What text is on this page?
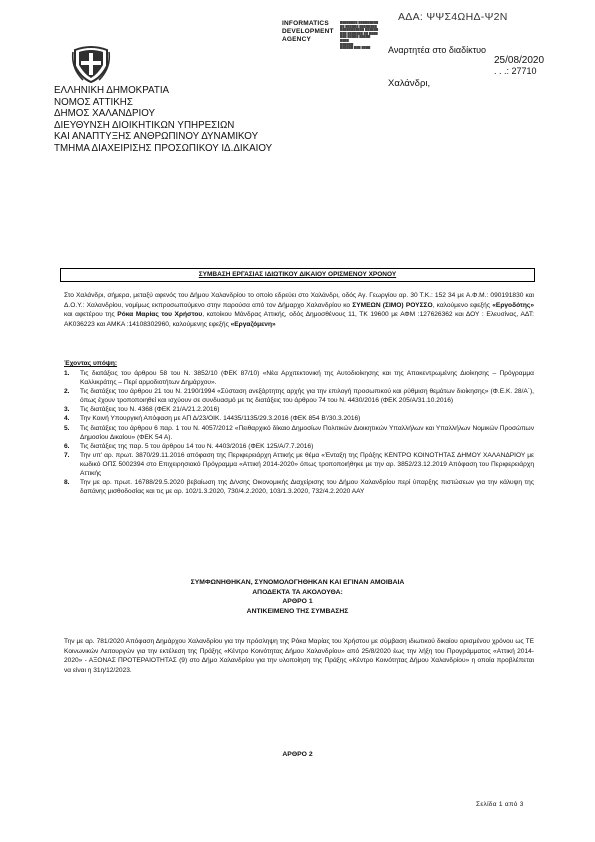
ΑΔΑ: ΨΨΣ4ΩΗΔ-Ψ2Ν
INFORMATICS
DEVELOPMENT
AGENCY
████████ █████████
██ ██████ ████████
███████████ ██████
███ ███████ ██ ████
███ █████ █████
████
██████
██████ ███ ████	Αναρτητέα στο διαδίκτυο
25/08/2020
. . .: 27710
Χαλάνδρι,
ΕΛΛΗΝΙΚΗ ΔΗΜΟΚΡΑΤΙΑ
ΝΟΜΟΣ ΑΤΤΙΚΗΣ
ΔΗΜΟΣ ΧΑΛΑΝΔΡΙΟΥ
ΔΙΕΥΘΥΝΣΗ ΔΙΟΙΚΗΤΙΚΩΝ ΥΠΗΡΕΣΙΩΝ
ΚΑΙ ΑΝΑΠΤΥΞΗΣ ΑΝΘΡΩΠΙΝΟΥ ΔΥΝΑΜΙΚΟΥ
ΤΜΗΜΑ ΔΙΑΧΕΙΡΙΣΗΣ ΠΡΟΣΩΠΙΚΟΥ ΙΔ.ΔΙΚΑΙΟΥ
ΣΥΜΒΑΣΗ ΕΡΓΑΣΙΑΣ ΙΔΙΩΤΙΚΟΥ ΔΙΚΑΙΟΥ ΟΡΙΣΜΕΝΟΥ ΧΡΟΝΟΥ
Στο Χαλάνδρι, σήμερα, μεταξύ αφενός του Δήμου Χαλανδρίου το οποίο εδρεύει στο Χαλάνδρι, οδός Αγ. Γεωργίου αρ. 30 Τ.Κ.: 152 34 με Α.Φ.Μ.: 090191830 και Δ.Ο.Υ.: Χαλανδρίου, νομίμως εκπροσωπούμενο στην παρούσα από τον Δήμαρχο Χαλανδρίου κο ΣΥΜΕΩΝ (ΣΙΜΟ) ΡΟΥΣΣΟ, καλούμενο εφεξής «Εργοδότης» και αφετέρου της Ρόκα Μαρίας του Χρήστου, κατοίκου Μάνδρας Αττικής, οδός Δημοσθένους 11, ΤΚ 19600 με ΑΦΜ :127626362 και ΔΟΥ : Ελευσίνας, ΑΔΤ: ΑΚ036223 και ΑΜΚΑ :14108302960, καλούμενης εφεξής «Εργαζόμενη»
Έχοντας υπόψη:
1.	Τις διατάξεις του άρθρου 58 του Ν. 3852/10 (ΦΕΚ 87/10) «Νέα Αρχιτεκτονική της Αυτοδιοίκησης και της Αποκεντρωμένης Διοίκησης – Πρόγραμμα Καλλικράτης – Περί αρμοδιοτήτων Δημάρχου».
2.	Τις διατάξεις του άρθρου 21 του Ν. 2190/1994 «Σύσταση ανεξάρτητης αρχής για την επιλογή προσωπικού και ρύθμιση θεμάτων διοίκησης» (Φ.Ε.Κ. 28/Α΄), όπως έχουν τροποποιηθεί και ισχύουν σε συνδυασμό με τις διατάξεις του άρθρου 74 του Ν. 4430/2016 (ΦΕΚ 205/Α/31.10.2016)
3.	Τις διατάξεις του Ν. 4368 (ΦΕΚ 21/Α/21.2.2016)
4.	Την Κοινή Υπουργική Απόφαση με ΑΠ Δ/23/ΟΙΚ. 14435/1135/29.3.2016 (ΦΕΚ 854 Β'/30.3.2016)
5.	Τις διατάξεις του άρθρου 6 παρ. 1 του Ν. 4057/2012 «Πειθαρχικό δίκαιο Δημοσίων Πολιτικών Διοικητικών Υπαλλήλων και Υπαλλήλων Νομικών Προσώπων Δημοσίου Δικαίου» (ΦΕΚ 54 Α).
6.	Τις διατάξεις της παρ. 5 του άρθρου 14 του Ν. 4403/2016 (ΦΕΚ 125/Α/7.7.2016)
7.	Την υπ' αρ. πρωτ. 3870/29.11.2016 απόφαση της Περιφερειάρχη Αττικής με θέμα «Ένταξη της Πράξης ΚΕΝΤΡΟ ΚΟΙΝΟΤΗΤΑΣ ΔΗΜΟΥ ΧΑΛΑΝΔΡΙΟΥ με κωδικό ΟΠΣ 5002394 στο Επιχειρησιακό Πρόγραμμα «Αττική 2014-2020» όπως τροποποιήθηκε με την αρ. 3852/23.12.2019 Απόφαση του Περιφερειάρχη Αττικής
8.	Την με αρ. πρωτ. 16788/29.5.2020 βεβαίωση της Δ/νσης Οικονομικής Διαχείρισης του Δήμου Χαλανδρίου περί ύπαρξης πιστώσεων για την κάλυψη της δαπάνης μισθοδοσίας και τις με αρ. 102/1.3.2020, 730/4.2.2020, 103/1.3.2020, 732/4.2.2020 ΑΑΥ
ΣΥΜΦΩΝΗΘΗΚΑΝ, ΣΥΝΟΜΟΛΟΓΗΘΗΚΑΝ ΚΑΙ ΕΓΙΝΑΝ ΑΜΟΙΒΑΙΑ
ΑΠΟΔΕΚΤΑ ΤΑ ΑΚΟΛΟΥΘΑ:
ΑΡΘΡΟ 1
ΑΝΤΙΚΕΙΜΕΝΟ ΤΗΣ ΣΥΜΒΑΣΗΣ
Την με αρ. 781/2020 Απόφαση Δημάρχου Χαλανδρίου για την πρόσληψη της Ρόκα Μαρίας του Χρήστου με σύμβαση ιδιωτικού δικαίου ορισμένου χρόνου ως ΤΕ Κοινωνικών Λειτουργών για την εκτέλεση της Πράξης «Κέντρο Κοινότητας Δήμου Χαλανδρίου» από 25/8/2020 έως την λήξη του Προγράμματος «Αττική 2014-2020» - ΑΞΟΝΑΣ ΠΡΟΤΕΡΑΙΟΤΗΤΑΣ (9) στο Δήμο Χαλανδρίου για την υλοποίηση της Πράξης «Κέντρο Κοινότητας Δήμου Χαλανδρίου» η οποία προβλέπεται να είναι η 31η/12/2023.
ΑΡΘΡΟ 2
Σελίδα 1 από 3
